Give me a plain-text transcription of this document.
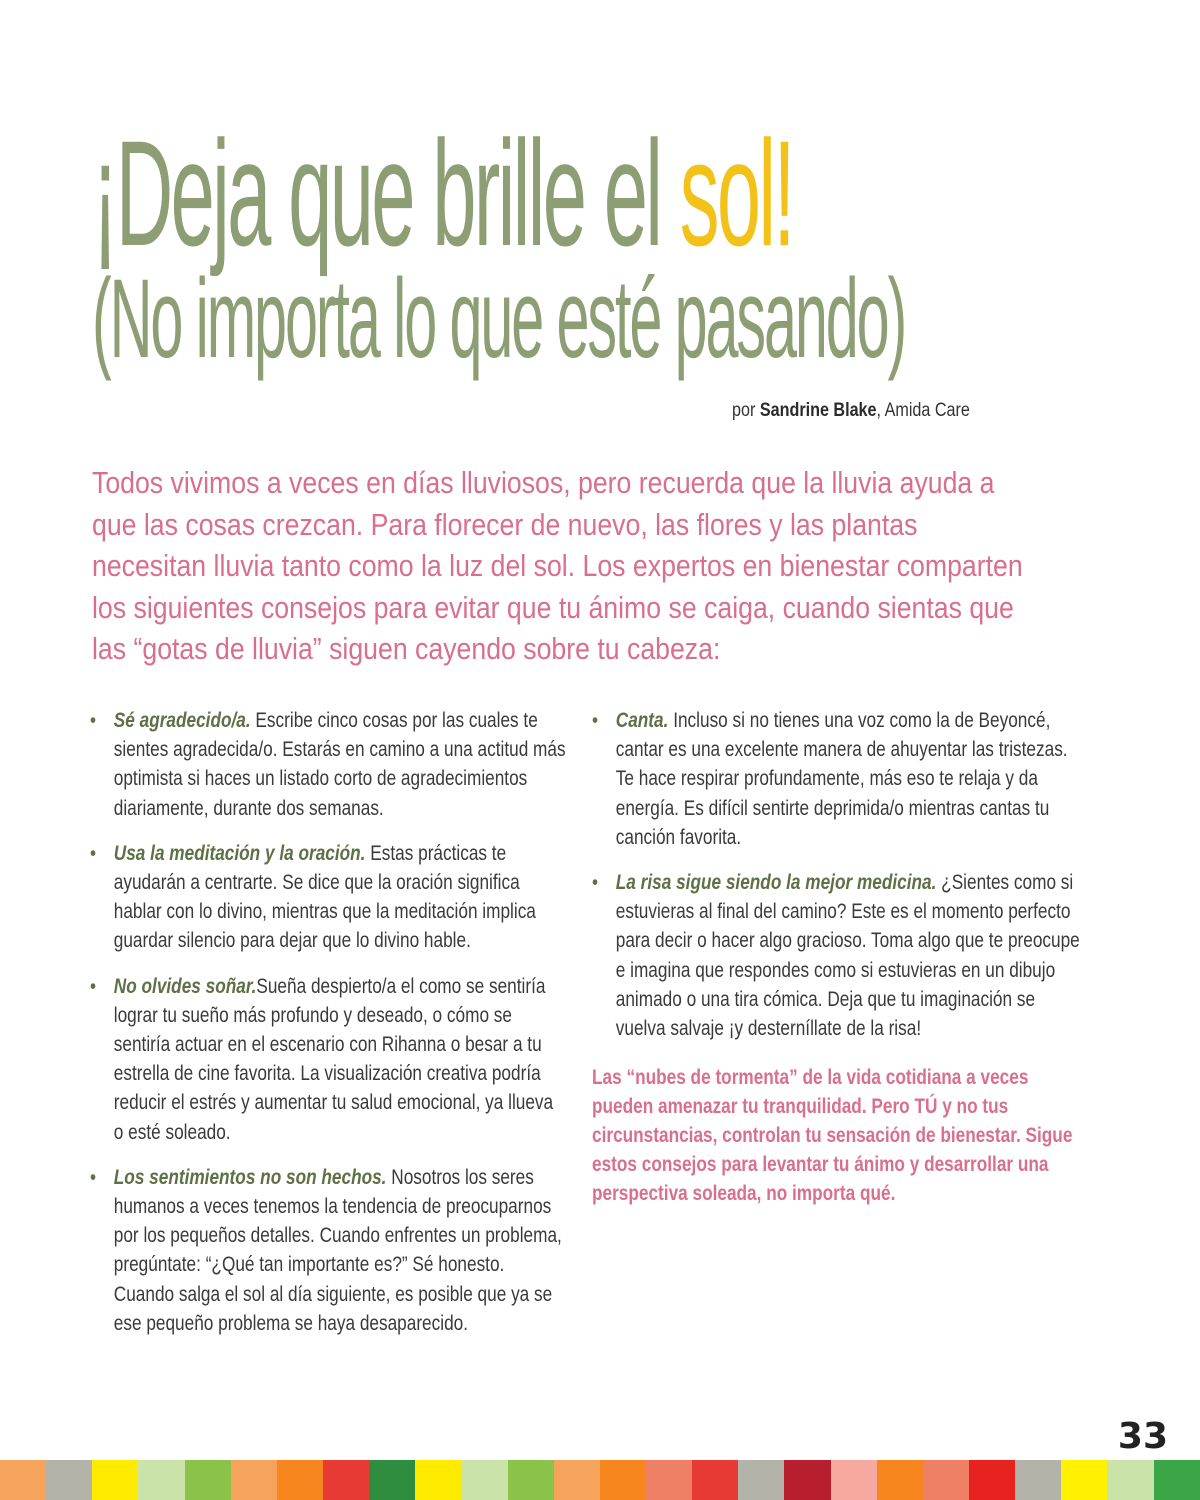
¡Deja que brille el sol!
(No importa lo que esté pasando)
por Sandrine Blake, Amida Care

Todos vivimos a veces en días lluviosos, pero recuerda que la lluvia ayuda a que las cosas crezcan. Para florecer de nuevo, las flores y las plantas necesitan lluvia tanto como la luz del sol. Los expertos en bienestar comparten los siguientes consejos para evitar que tu ánimo se caiga, cuando sientas que las “gotas de lluvia” siguen cayendo sobre tu cabeza:

• Sé agradecido/a. Escribe cinco cosas por las cuales te sientes agradecida/o. Estarás en camino a una actitud más optimista si haces un listado corto de agradecimientos diariamente, durante dos semanas.
• Usa la meditación y la oración. Estas prácticas te ayudarán a centrarte. Se dice que la oración significa hablar con lo divino, mientras que la meditación implica guardar silencio para dejar que lo divino hable.
• No olvides soñar.Sueña despierto/a el como se sentiría lograr tu sueño más profundo y deseado, o cómo se sentiría actuar en el escenario con Rihanna o besar a tu estrella de cine favorita. La visualización creativa podría reducir el estrés y aumentar tu salud emocional, ya llueva o esté soleado.
• Los sentimientos no son hechos. Nosotros los seres humanos a veces tenemos la tendencia de preocuparnos por los pequeños detalles. Cuando enfrentes un problema, pregúntate: “¿Qué tan importante es?” Sé honesto. Cuando salga el sol al día siguiente, es posible que ya se ese pequeño problema se haya desaparecido.
• Canta. Incluso si no tienes una voz como la de Beyoncé, cantar es una excelente manera de ahuyentar las tristezas. Te hace respirar profundamente, más eso te relaja y da energía. Es difícil sentirte deprimida/o mientras cantas tu canción favorita.
• La risa sigue siendo la mejor medicina. ¿Sientes como si estuvieras al final del camino? Este es el momento perfecto para decir o hacer algo gracioso. Toma algo que te preocupe e imagina que respondes como si estuvieras en un dibujo animado o una tira cómica. Deja que tu imaginación se vuelva salvaje ¡y desterníllate de la risa!
Las “nubes de tormenta” de la vida cotidiana a veces pueden amenazar tu tranquilidad. Pero TÚ y no tus circunstancias, controlan tu sensación de bienestar. Sigue estos consejos para levantar tu ánimo y desarrollar una perspectiva soleada, no importa qué.
33
